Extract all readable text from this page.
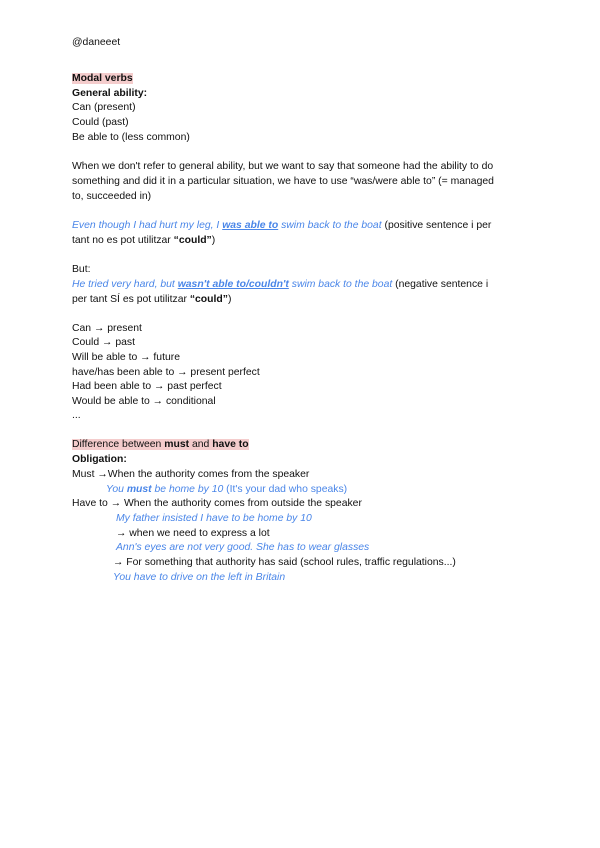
@daneeet
Modal verbs
General ability:
Can (present)
Could (past)
Be able to (less common)
When we don't refer to general ability, but we want to say that someone had the ability to do
something and did it in a particular situation, we have to use “was/were able to” (= managed
to, succeeded in)
Even though I had hurt my leg, I was able to swim back to the boat (positive sentence i per
tant no es pot utilitzar “could”)
But:
He tried very hard, but wasn't able to/couldn't swim back to the boat (negative sentence i
per tant SÍ es pot utilitzar “could”)
Can → present
Could → past
Will be able to → future
have/has been able to → present perfect
Had been able to → past perfect
Would be able to → conditional
...
Difference between must and have to
Obligation:
Must →When the authority comes from the speaker
You must be home by 10 (It's your dad who speaks)
Have to → When the authority comes from outside the speaker
My father insisted I have to be home by 10
→ when we need to express a lot
Ann's eyes are not very good. She has to wear glasses
→ For something that authority has said (school rules, traffic regulations...)
You have to drive on the left in Britain
